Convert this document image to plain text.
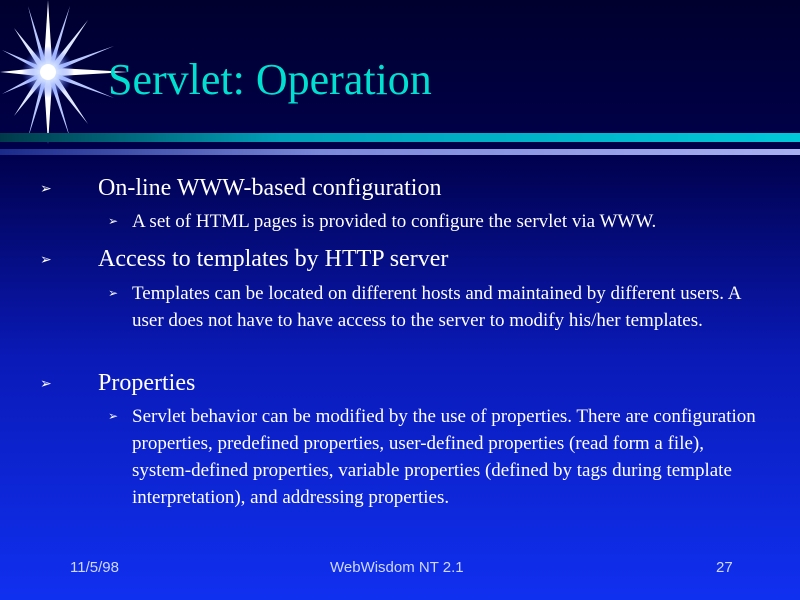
Servlet: Operation
➢ On-line WWW-based configuration
➢ A set of HTML pages is provided to configure the servlet via WWW.
➢ Access to templates by HTTP server
➢ Templates can be located on different hosts and maintained by different users. A user does not have to have access to the server to modify his/her templates.
➢ Properties
➢ Servlet behavior can be modified by the use of properties. There are configuration properties, predefined properties, user-defined properties (read form a file), system-defined properties, variable properties (defined by tags during template interpretation), and addressing properties.
11/5/98	WebWisdom NT 2.1	27
